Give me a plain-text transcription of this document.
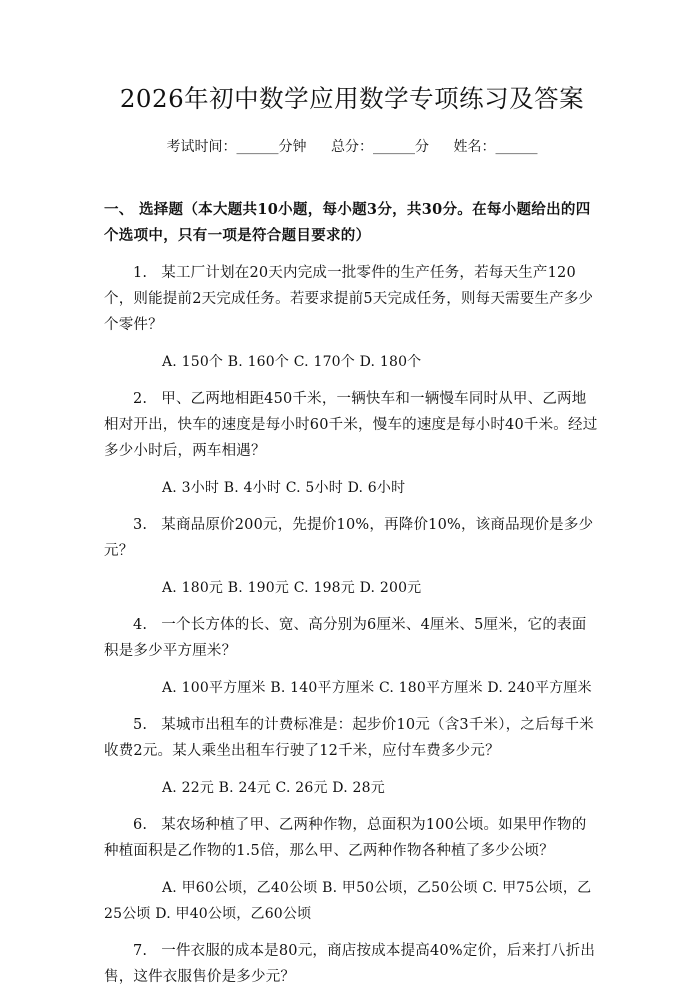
2026年初中数学应用数学专项练习及答案
考试时间：______分钟 总分：______分 姓名：______
一、 选择题（本大题共10小题，每小题3分，共30分。在每小题给出的四个选项中，只有一项是符合题目要求的）
1. 某工厂计划在20天内完成一批零件的生产任务，若每天生产120个，则能提前2天完成任务。若要求提前5天完成任务，则每天需要生产多少个零件？
A. 150个 B. 160个 C. 170个 D. 180个
2. 甲、乙两地相距450千米，一辆快车和一辆慢车同时从甲、乙两地相对开出，快车的速度是每小时60千米，慢车的速度是每小时40千米。经过多少小时后，两车相遇？
A. 3小时 B. 4小时 C. 5小时 D. 6小时
3. 某商品原价200元，先提价10%，再降价10%，该商品现价是多少元？
A. 180元 B. 190元 C. 198元 D. 200元
4. 一个长方体的长、宽、高分别为6厘米、4厘米、5厘米，它的表面积是多少平方厘米？
A. 100平方厘米 B. 140平方厘米 C. 180平方厘米 D. 240平方厘米
5. 某城市出租车的计费标准是：起步价10元（含3千米），之后每千米收费2元。某人乘坐出租车行驶了12千米，应付车费多少元？
A. 22元 B. 24元 C. 26元 D. 28元
6. 某农场种植了甲、乙两种作物，总面积为100公顷。如果甲作物的种植面积是乙作物的1.5倍，那么甲、乙两种作物各种植了多少公顷？
A. 甲60公顷，乙40公顷 B. 甲50公顷，乙50公顷 C. 甲75公顷，乙25公顷 D. 甲40公顷，乙60公顷
7. 一件衣服的成本是80元，商店按成本提高40%定价，后来打八折出售，这件衣服售价是多少元？
